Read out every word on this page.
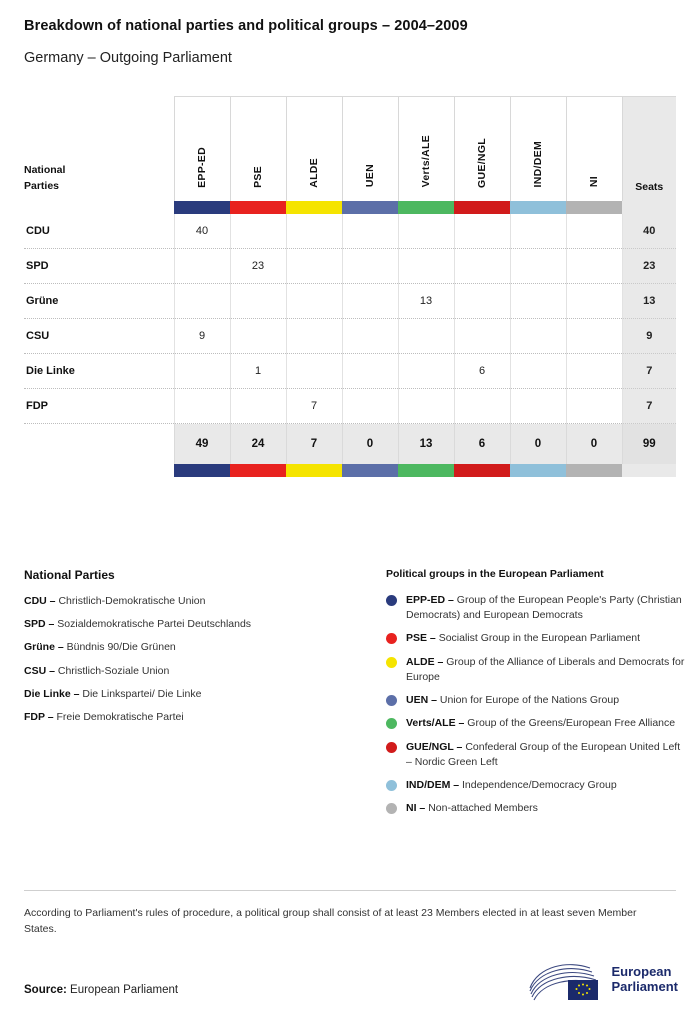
Breakdown of national parties and political groups – 2004–2009
Germany – Outgoing Parliament
National
Parties	EPP-ED	PSE	ALDE	UEN	Verts/ALE	GUE/NGL	IND/DEM	NI	Seats

CDU	40								40
SPD		23							23
Grüne					13				13
CSU	9								9
Die Linke		1				6			7
FDP			7						7
	49	24	7	0	13	6	0	0	99

National Parties
CDU – Christlich-Demokratische Union
SPD – Sozialdemokratische Partei Deutschlands
Grüne – Bündnis 90/Die Grünen
CSU – Christlich-Soziale Union
Die Linke – Die Linkspartei/ Die Linke
FDP – Freie Demokratische Partei
Political groups in the European Parliament
EPP-ED – Group of the European People's Party (Christian Democrats) and European Democrats
PSE – Socialist Group in the European Parliament
ALDE – Group of the Alliance of Liberals and Democrats for Europe
UEN – Union for Europe of the Nations Group
Verts/ALE – Group of the Greens/European Free Alliance
GUE/NGL – Confederal Group of the European United Left – Nordic Green Left
IND/DEM – Independence/Democracy Group
NI – Non-attached Members
According to Parliament's rules of procedure, a political group shall consist of at least 23 Members elected in at least seven Member States.
Source: European Parliament
European
Parliament
